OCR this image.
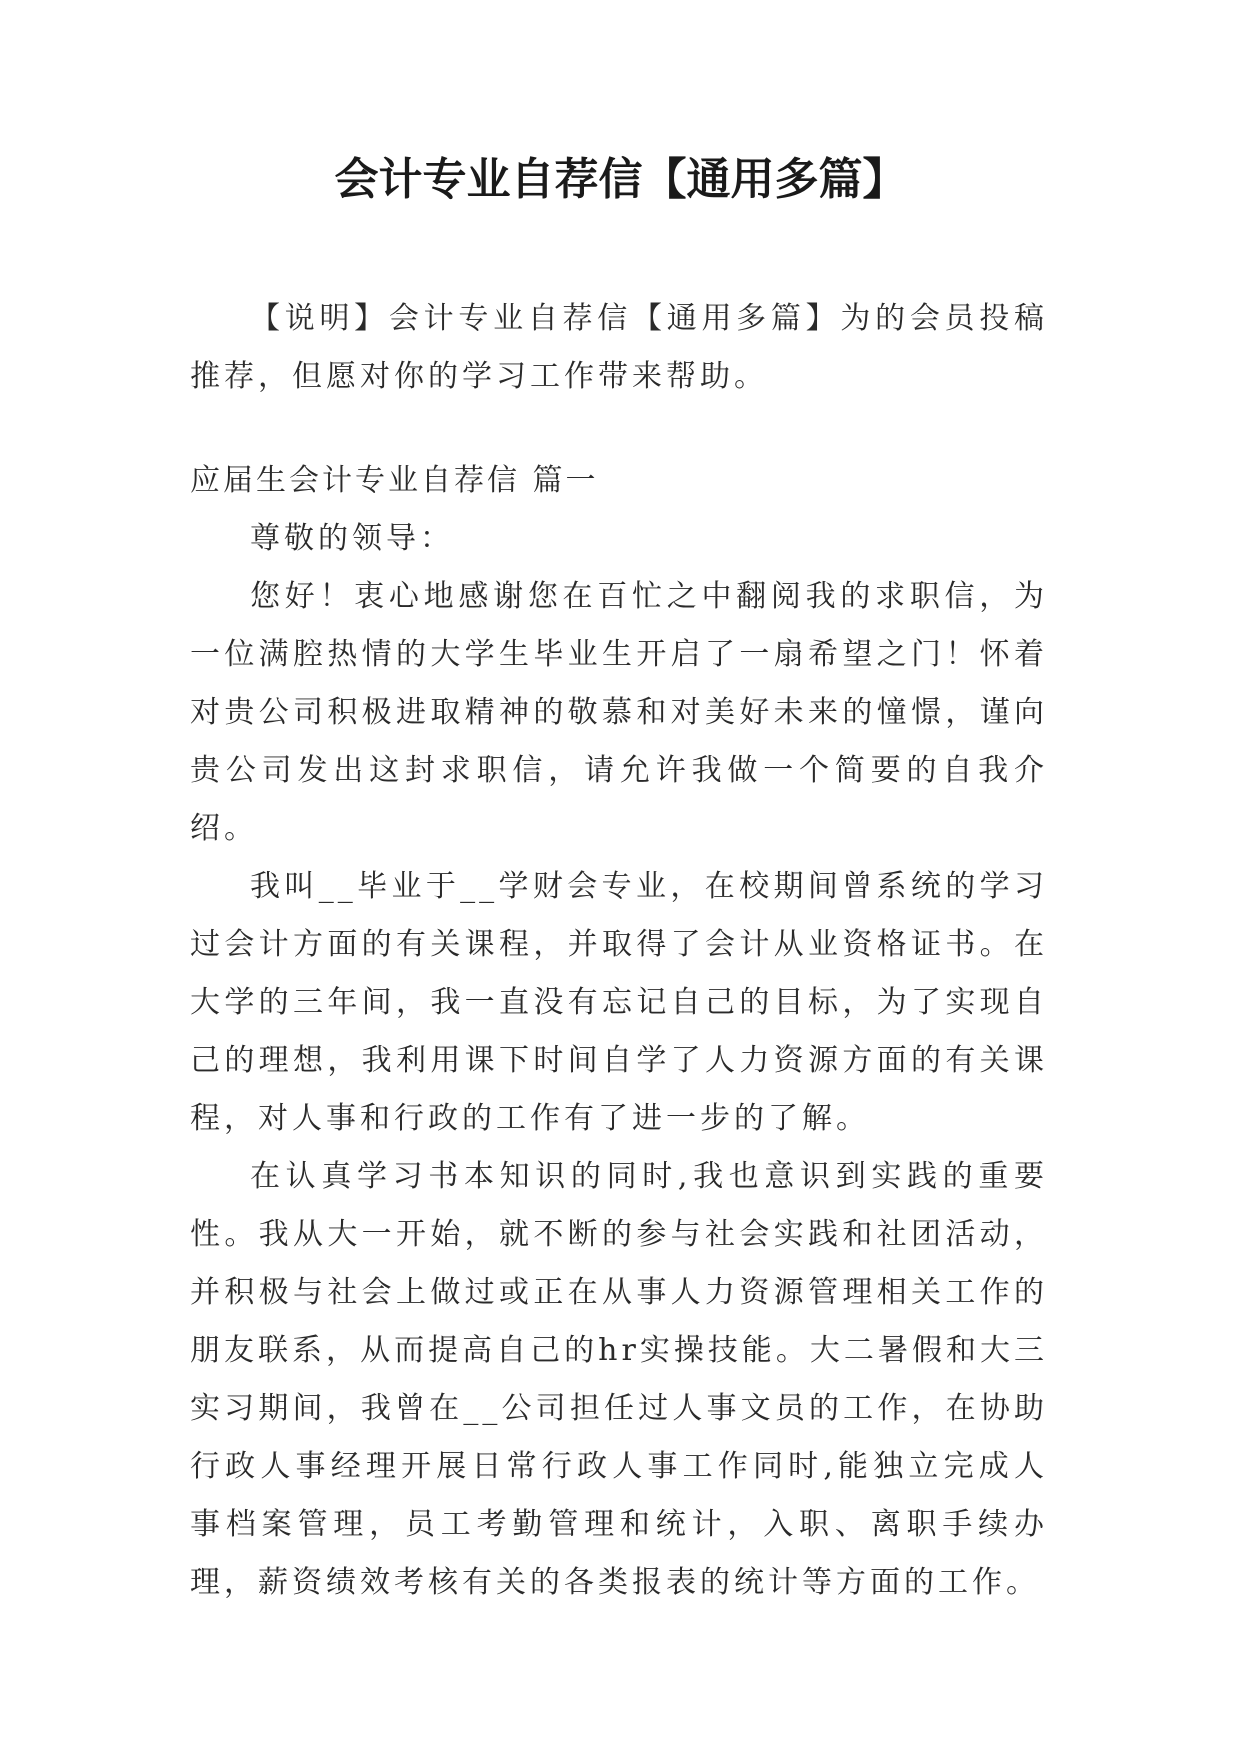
会计专业自荐信【通用多篇】

【说明】会计专业自荐信【通用多篇】为的会员投稿推荐，但愿对你的学习工作带来帮助。

应届生会计专业自荐信 篇一

尊敬的领导：

您好！衷心地感谢您在百忙之中翻阅我的求职信，为一位满腔热情的大学生毕业生开启了一扇希望之门！怀着对贵公司积极进取精神的敬慕和对美好未来的憧憬，谨向贵公司发出这封求职信，请允许我做一个简要的自我介绍。

我叫__毕业于__学财会专业，在校期间曾系统的学习过会计方面的有关课程，并取得了会计从业资格证书。在大学的三年间，我一直没有忘记自己的目标，为了实现自己的理想，我利用课下时间自学了人力资源方面的有关课程，对人事和行政的工作有了进一步的了解。

在认真学习书本知识的同时,我也意识到实践的重要性。我从大一开始，就不断的参与社会实践和社团活动，并积极与社会上做过或正在从事人力资源管理相关工作的朋友联系，从而提高自己的hr实操技能。大二暑假和大三实习期间，我曾在__公司担任过人事文员的工作，在协助行政人事经理开展日常行政人事工作同时,能独立完成人事档案管理，员工考勤管理和统计，入职、离职手续办理，薪资绩效考核有关的各类报表的统计等方面的工作。
